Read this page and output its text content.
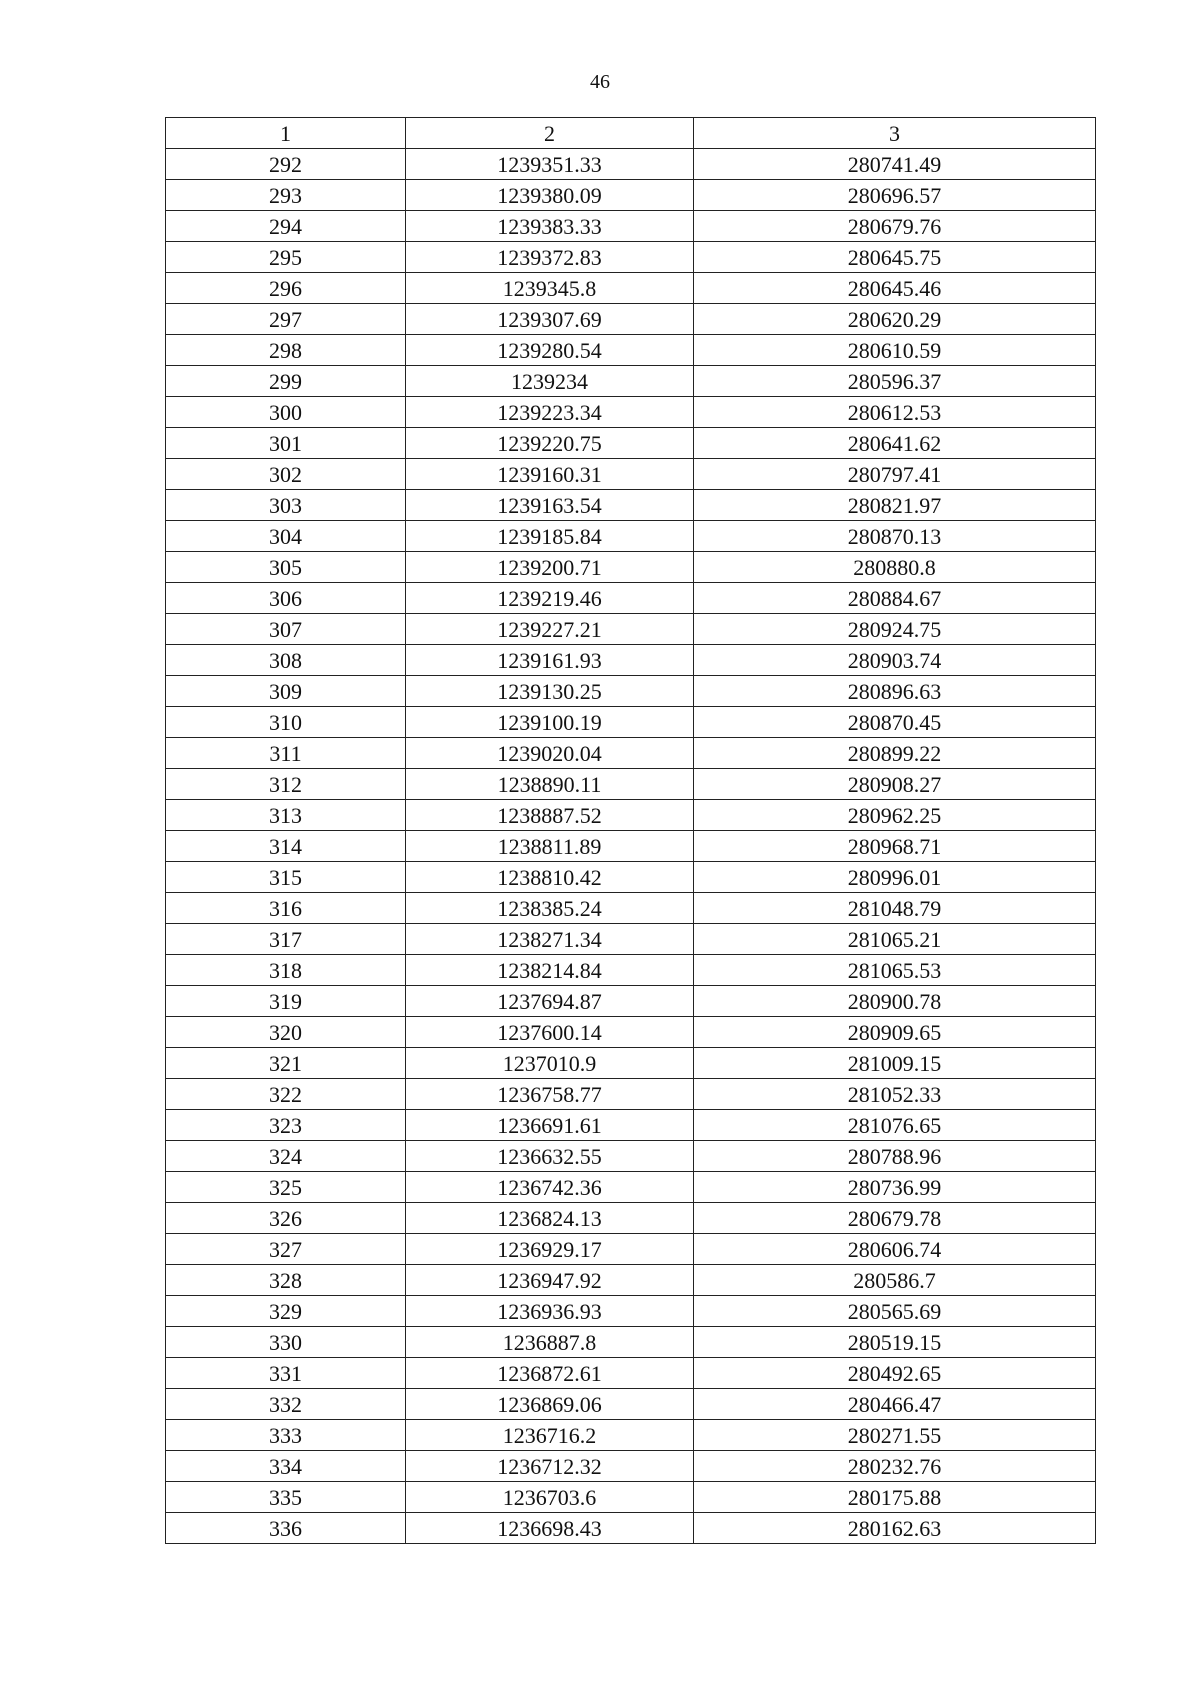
46
1	2	3
292	1239351.33	280741.49
293	1239380.09	280696.57
294	1239383.33	280679.76
295	1239372.83	280645.75
296	1239345.8	280645.46
297	1239307.69	280620.29
298	1239280.54	280610.59
299	1239234	280596.37
300	1239223.34	280612.53
301	1239220.75	280641.62
302	1239160.31	280797.41
303	1239163.54	280821.97
304	1239185.84	280870.13
305	1239200.71	280880.8
306	1239219.46	280884.67
307	1239227.21	280924.75
308	1239161.93	280903.74
309	1239130.25	280896.63
310	1239100.19	280870.45
311	1239020.04	280899.22
312	1238890.11	280908.27
313	1238887.52	280962.25
314	1238811.89	280968.71
315	1238810.42	280996.01
316	1238385.24	281048.79
317	1238271.34	281065.21
318	1238214.84	281065.53
319	1237694.87	280900.78
320	1237600.14	280909.65
321	1237010.9	281009.15
322	1236758.77	281052.33
323	1236691.61	281076.65
324	1236632.55	280788.96
325	1236742.36	280736.99
326	1236824.13	280679.78
327	1236929.17	280606.74
328	1236947.92	280586.7
329	1236936.93	280565.69
330	1236887.8	280519.15
331	1236872.61	280492.65
332	1236869.06	280466.47
333	1236716.2	280271.55
334	1236712.32	280232.76
335	1236703.6	280175.88
336	1236698.43	280162.63
